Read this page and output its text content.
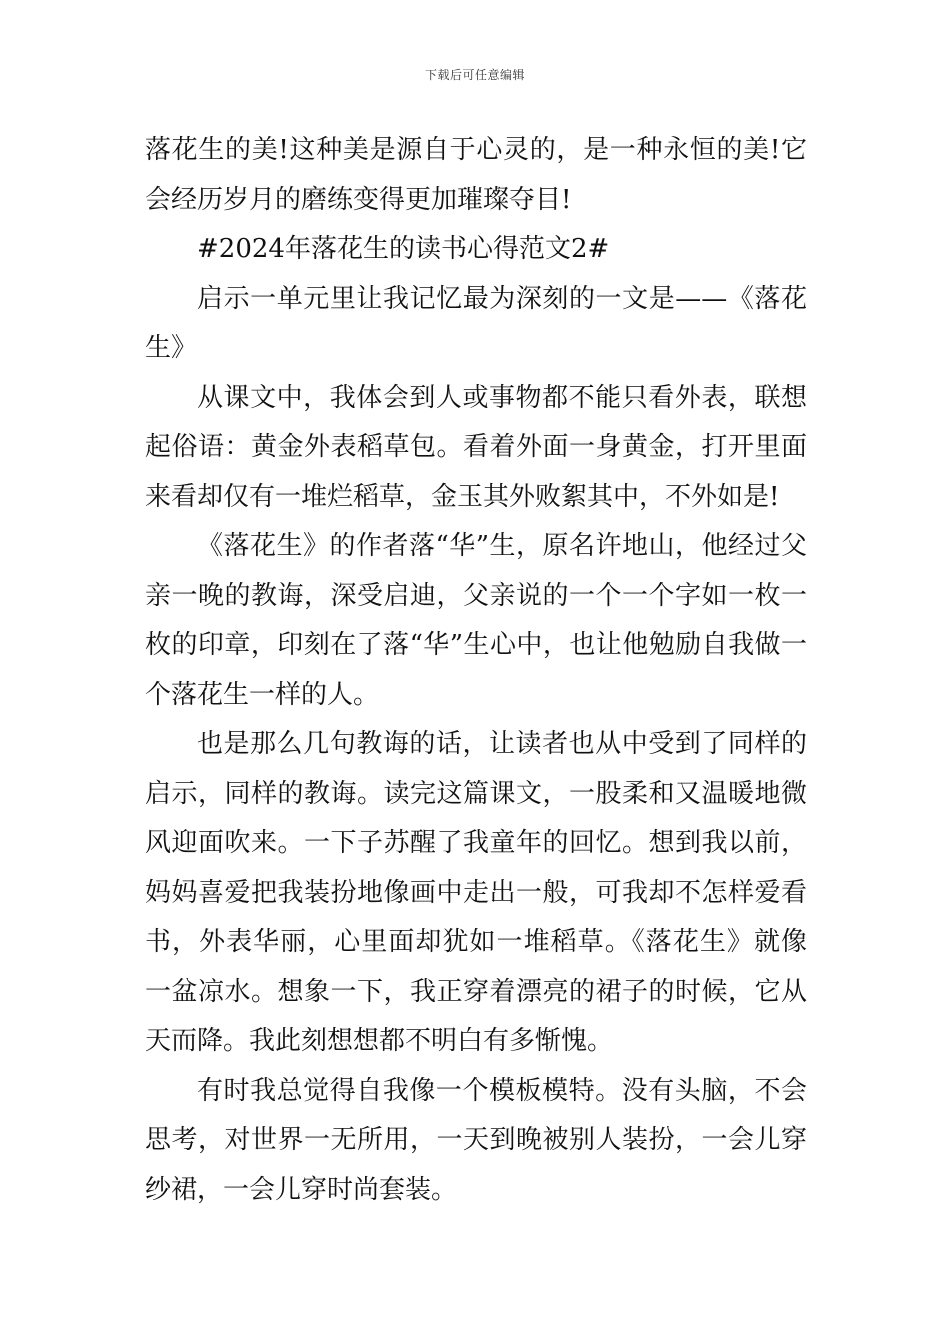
下载后可任意编辑

落花生的美!这种美是源自于心灵的，是一种永恒的美!它会经历岁月的磨练变得更加璀璨夺目!

#2024年落花生的读书心得范文2#

启示一单元里让我记忆最为深刻的一文是——《落花生》

从课文中，我体会到人或事物都不能只看外表，联想起俗语：黄金外表稻草包。看着外面一身黄金，打开里面来看却仅有一堆烂稻草，金玉其外败絮其中，不外如是!

《落花生》的作者落“华”生，原名许地山，他经过父亲一晚的教诲，深受启迪，父亲说的一个一个字如一枚一枚的印章，印刻在了落“华”生心中，也让他勉励自我做一个落花生一样的人。

也是那么几句教诲的话，让读者也从中受到了同样的启示，同样的教诲。读完这篇课文，一股柔和又温暖地微风迎面吹来。一下子苏醒了我童年的回忆。想到我以前，妈妈喜爱把我装扮地像画中走出一般，可我却不怎样爱看书，外表华丽，心里面却犹如一堆稻草。《落花生》就像一盆凉水。想象一下，我正穿着漂亮的裙子的时候，它从天而降。我此刻想想都不明白有多惭愧。

有时我总觉得自我像一个模板模特。没有头脑，不会思考，对世界一无所用，一天到晚被别人装扮，一会儿穿纱裙，一会儿穿时尚套装。
